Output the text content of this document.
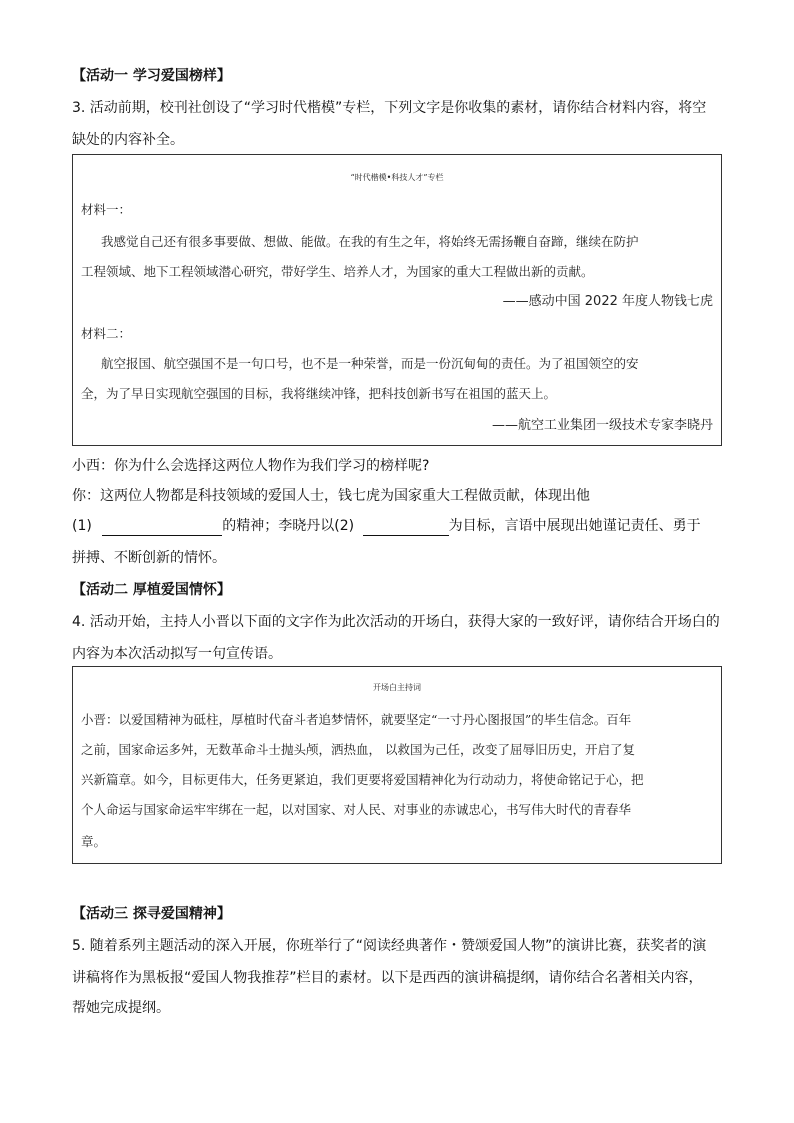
【活动一 学习爱国榜样】
3. 活动前期，校刊社创设了“学习时代楷模”专栏，下列文字是你收集的素材，请你结合材料内容，将空
缺处的内容补全。
“时代楷模•科技人才”专栏
材料一：
我感觉自己还有很多事要做、想做、能做。在我的有生之年，将始终无需扬鞭自奋蹄，继续在防护
工程领域、地下工程领域潜心研究，带好学生、培养人才，为国家的重大工程做出新的贡献。
——感动中国 2022 年度人物钱七虎
材料二：
航空报国、航空强国不是一句口号，也不是一种荣誉，而是一份沉甸甸的责任。为了祖国领空的安
全，为了早日实现航空强国的目标，我将继续冲锋，把科技创新书写在祖国的蓝天上。
——航空工业集团一级技术专家李晓丹
小西：你为什么会选择这两位人物作为我们学习的榜样呢?
你：这两位人物都是科技领域的爱国人士，钱七虎为国家重大工程做贡献，体现出他
(1)	的精神；李晓丹以(2)	为目标，言语中展现出她谨记责任、勇于
拼搏、不断创新的情怀。
【活动二 厚植爱国情怀】
4. 活动开始，主持人小晋以下面的文字作为此次活动的开场白，获得大家的一致好评，请你结合开场白的
内容为本次活动拟写一句宣传语。
开场白主持词
小晋：以爱国精神为砥柱，厚植时代奋斗者追梦情怀，就要坚定“一寸丹心图报国”的毕生信念。百年
之前，国家命运多舛，无数革命斗士抛头颅，洒热血， 以救国为己任，改变了屈辱旧历史，开启了复
兴新篇章。如今，目标更伟大，任务更紧迫，我们更要将爱国精神化为行动动力，将使命铭记于心，把
个人命运与国家命运牢牢绑在一起，以对国家、对人民、对事业的赤诚忠心，书写伟大时代的青春华
章。
【活动三 探寻爱国精神】
5. 随着系列主题活动的深入开展，你班举行了“阅读经典著作・赞颂爱国人物”的演讲比赛，获奖者的演
讲稿将作为黑板报“爱国人物我推荐”栏目的素材。以下是西西的演讲稿提纲，请你结合名著相关内容，
帮她完成提纲。
